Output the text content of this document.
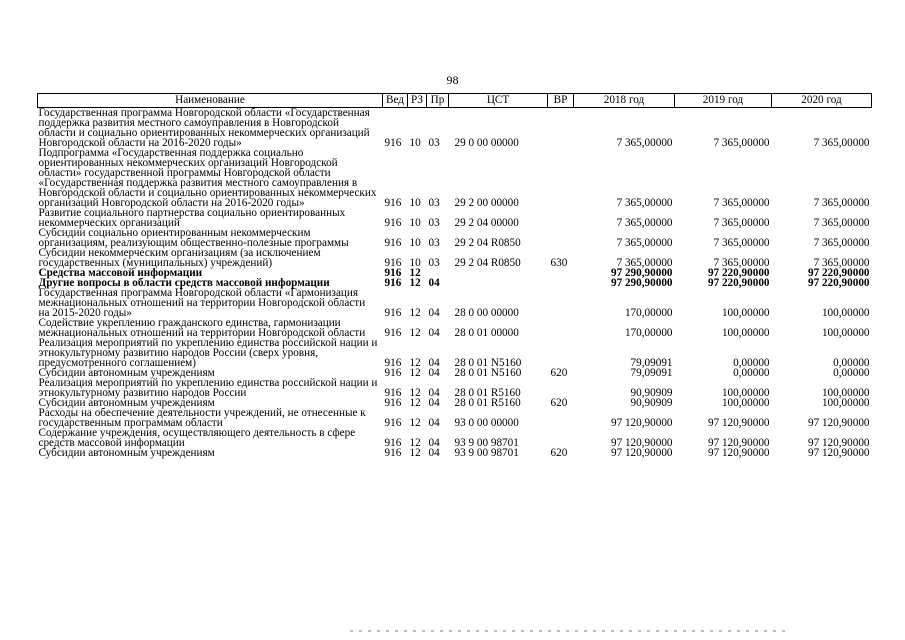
98
Наименование	Вед	РЗ	Пр	ЦСТ	ВР	2018 год	2019 год	2020 год
Государственная программа Новгородской области «Государственная поддержка развития местного самоуправления в Новгородской области и социально ориентированных некоммерческих организаций Новгородской области на 2016-2020 годы»	916	10	03	29 0 00 00000		7 365,00000	7 365,00000	7 365,00000
Подпрограмма «Государственная поддержка социально ориентированных некоммерческих организаций Новгородской области» государственной программы Новгородской области «Государственная поддержка развития местного самоуправления в Новгородской области и социально ориентированных некоммерческих организаций Новгородской области на 2016-2020 годы»	916	10	03	29 2 00 00000		7 365,00000	7 365,00000	7 365,00000
Развитие социального партнерства социально ориентированных некоммерческих организаций	916	10	03	29 2 04 00000		7 365,00000	7 365,00000	7 365,00000
Субсидии социально ориентированным некоммерческим организациям, реализующим общественно-полезные программы	916	10	03	29 2 04 R0850		7 365,00000	7 365,00000	7 365,00000
Субсидии некоммерческим организациям (за исключением государственных (муниципальных) учреждений)	916	10	03	29 2 04 R0850	630	7 365,00000	7 365,00000	7 365,00000
Средства массовой информации	916	12				97 290,90000	97 220,90000	97 220,90000
Другие вопросы в области средств массовой информации	916	12	04			97 290,90000	97 220,90000	97 220,90000
Государственная программа Новгородской области «Гармонизация межнациональных отношений на территории Новгородской области на 2015-2020 годы»	916	12	04	28 0 00 00000		170,00000	100,00000	100,00000
Содействие укреплению гражданского единства, гармонизации межнациональных отношений на территории Новгородской области	916	12	04	28 0 01 00000		170,00000	100,00000	100,00000
Реализация мероприятий по укреплению единства российской нации и этнокультурному развитию народов России (сверх уровня, предусмотренного соглашением)	916	12	04	28 0 01 N5160		79,09091	0,00000	0,00000
Субсидии автономным учреждениям	916	12	04	28 0 01 N5160	620	79,09091	0,00000	0,00000
Реализация мероприятий по укреплению единства российской нации и этнокультурному развитию народов России	916	12	04	28 0 01 R5160		90,90909	100,00000	100,00000
Субсидии автономным учреждениям	916	12	04	28 0 01 R5160	620	90,90909	100,00000	100,00000
Расходы на обеспечение деятельности учреждений, не отнесенные к государственным программам области	916	12	04	93 0 00 00000		97 120,90000	97 120,90000	97 120,90000
Содержание учреждения, осуществляющего деятельность в сфере средств массовой информации	916	12	04	93 9 00 98701		97 120,90000	97 120,90000	97 120,90000
Субсидии автономным учреждениям	916	12	04	93 9 00 98701	620	97 120,90000	97 120,90000	97 120,90000
